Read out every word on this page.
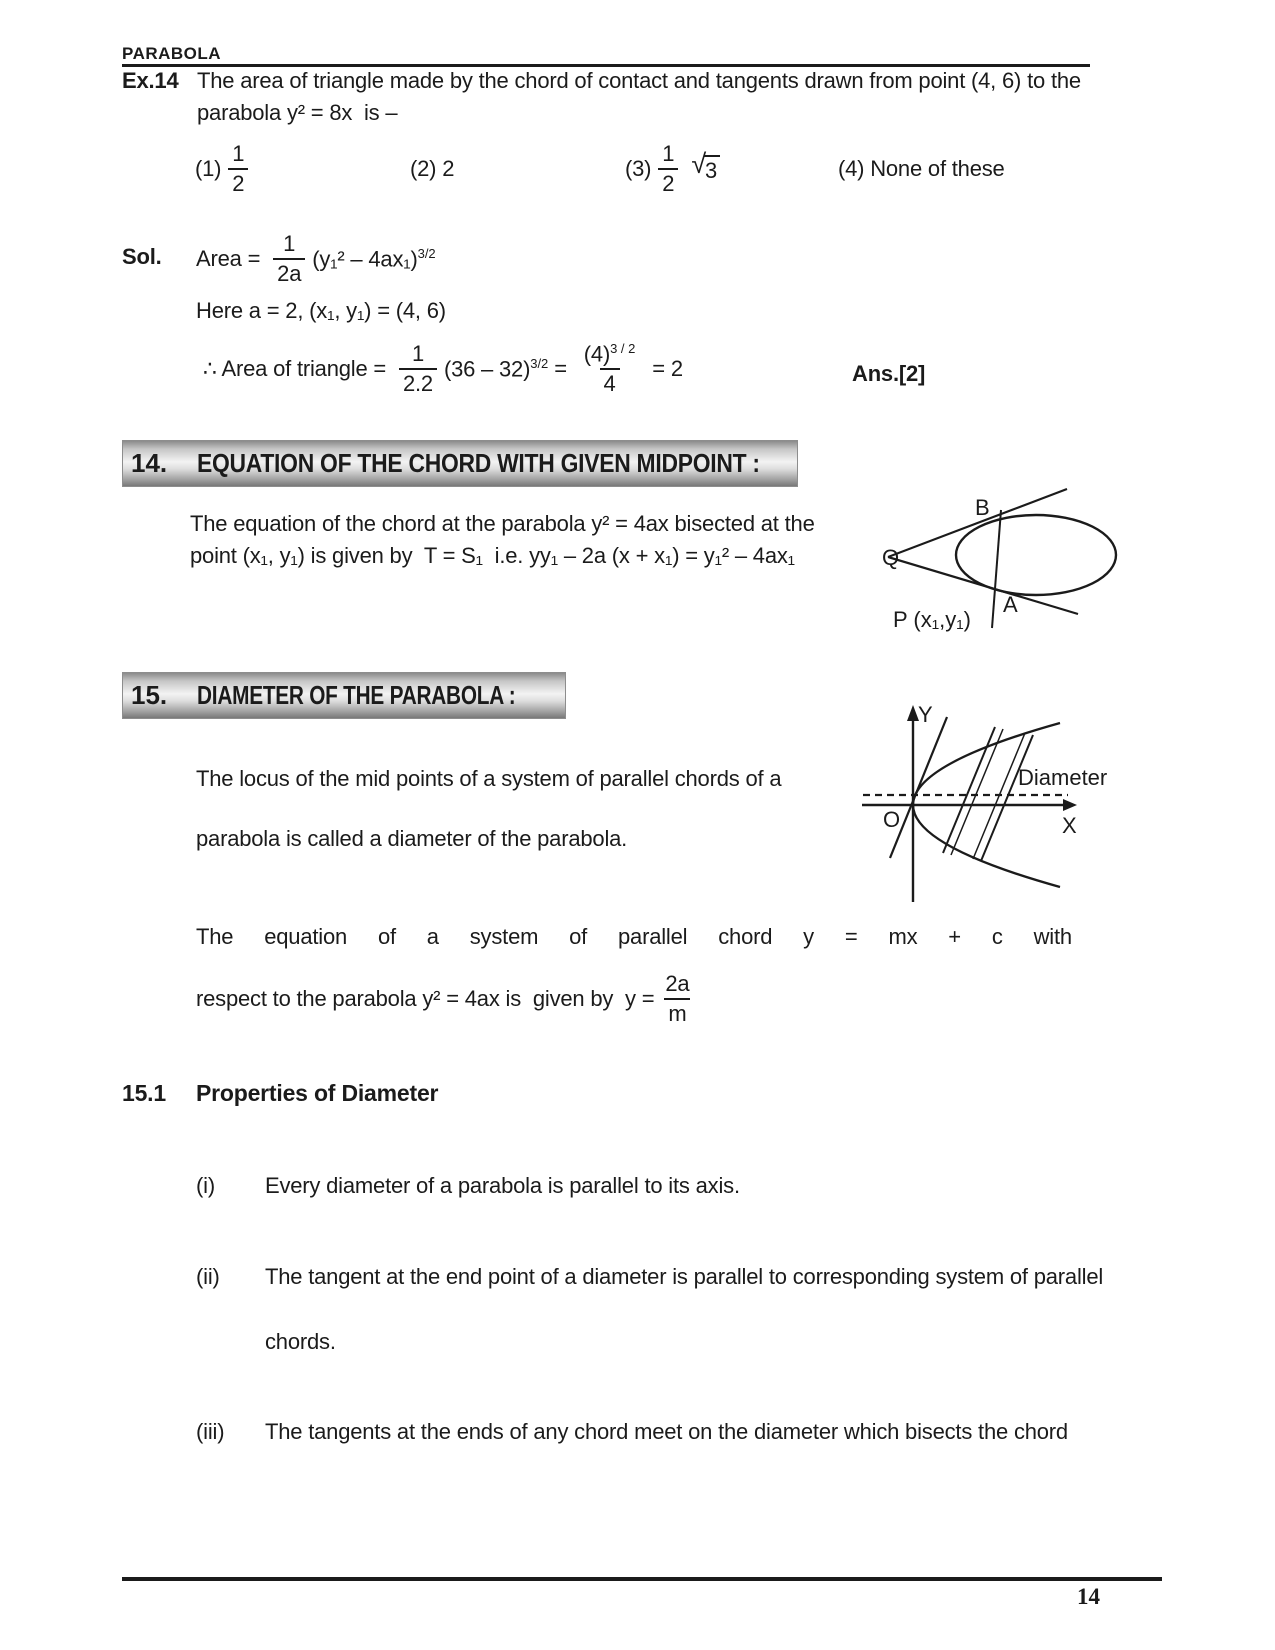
PARABOLA
Ex.14 The area of triangle made by the chord of contact and tangents drawn from point (4, 6) to the
parabola y² = 8x  is –
$(1) \frac{1}{2}$	(2) 2	$(3) \frac{1}{2}$ √ 3	(4) None of these
Sol. Area = $\frac{1}{2a} (y_1^2 - 4ax_1)^{3/2}$
Here a = 2, (x₁, y₁) = (4, 6)
∴ Area of triangle = $\frac{1}{2.2} (36 - 32)^{3/2} = \frac{(4)^{3 / 2}}{4} = 2$	Ans.[2]
14.	EQUATION OF THE CHORD WITH GIVEN MIDPOINT :
The equation of the chord at the parabola y² = 4ax bisected at the
point (x₁, y₁) is given by  T = S₁  i.e. yy₁ – 2a (x + x₁) = y₁² – 4ax₁	Q
B
A
P (x₁,y₁)
15.	DIAMETER OF THE PARABOLA :
The locus of the mid points of a system of parallel chords of a
parabola is called a diameter of the parabola.
Y
X
O
Diameter
The equation of a system of parallel chord y = mx + c with
respect to the parabola y² = 4ax is  given by  $y = \frac{2a}{m}$
15.1 Properties of Diameter
(i) Every diameter of a parabola is parallel to its axis.
(ii) The tangent at the end point of a diameter is parallel to corresponding system of parallel
chords.
(iii) The tangents at the ends of any chord meet on the diameter which bisects the chord
14
